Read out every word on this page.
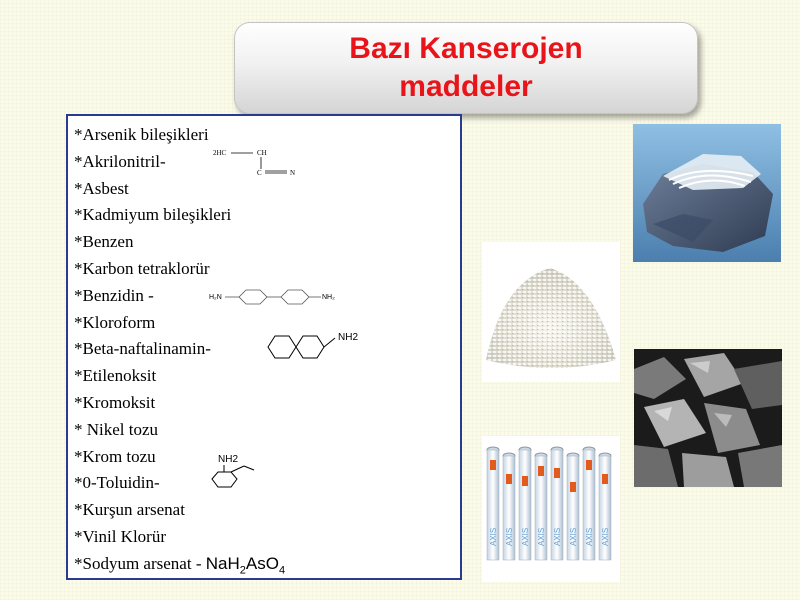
Bazı Kanserojen
maddeler
*Arsenik bileşikleri
*Akrilonitril-	2HC	CH
C	N
*Asbest
*Kadmiyum bileşikleri
*Benzen
*Karbon tetraklorür
*Benzidin -	H₂N	NH₂
*Kloroform
*Beta-naftalinamin-
NH2
*Etilenoksit
*Kromoksit
* Nikel tozu
*Krom tozu
*0-Toluidin-
NH2
*Kurşun arsenat
*Vinil Klorür
*Sodyum arsenat - NaH$_2$AsO$_4$
AXIS AXIS AXIS AXIS AXIS AXIS AXIS AXIS
